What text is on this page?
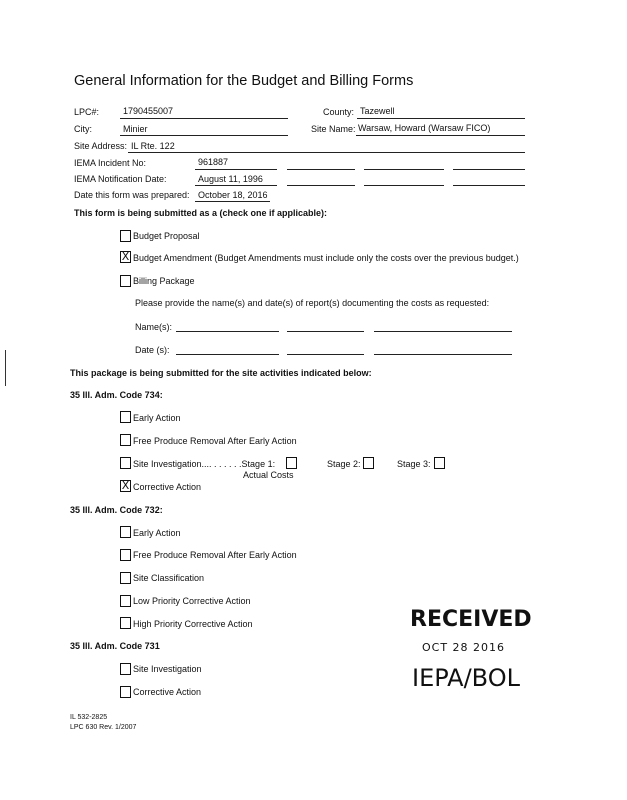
General Information for the Budget and Billing Forms
LPC#:	1790455007	County: Tazewell
City:	Minier	Site Name: Warsaw, Howard (Warsaw FICO)
Site Address: IL Rte. 122
IEMA Incident No:	961887
IEMA Notification Date:	August 11, 1996
Date this form was prepared: October 18, 2016
This form is being submitted as a (check one if applicable):
Budget Proposal
X Budget Amendment (Budget Amendments must include only the costs over the previous budget.)
Billing Package
Please provide the name(s) and date(s) of report(s) documenting the costs as requested:
Name(s):
Date (s):
This package is being submitted for the site activities indicated below:
35 Ill. Adm. Code 734:
Early Action
Free Produce Removal After Early Action
Site Investigation.... . . . . . .Stage 1:
Actual Costs
Stage 2:	Stage 3:
X Corrective Action
35 Ill. Adm. Code 732:
Early Action
Free Produce Removal After Early Action
Site Classification
Low Priority Corrective Action
High Priority Corrective Action
35 Ill. Adm. Code 731
Site Investigation
Corrective Action
RECEIVED
OCT 28 2016
IEPA/BOL
IL 532-2825
LPC 630 Rev. 1/2007
